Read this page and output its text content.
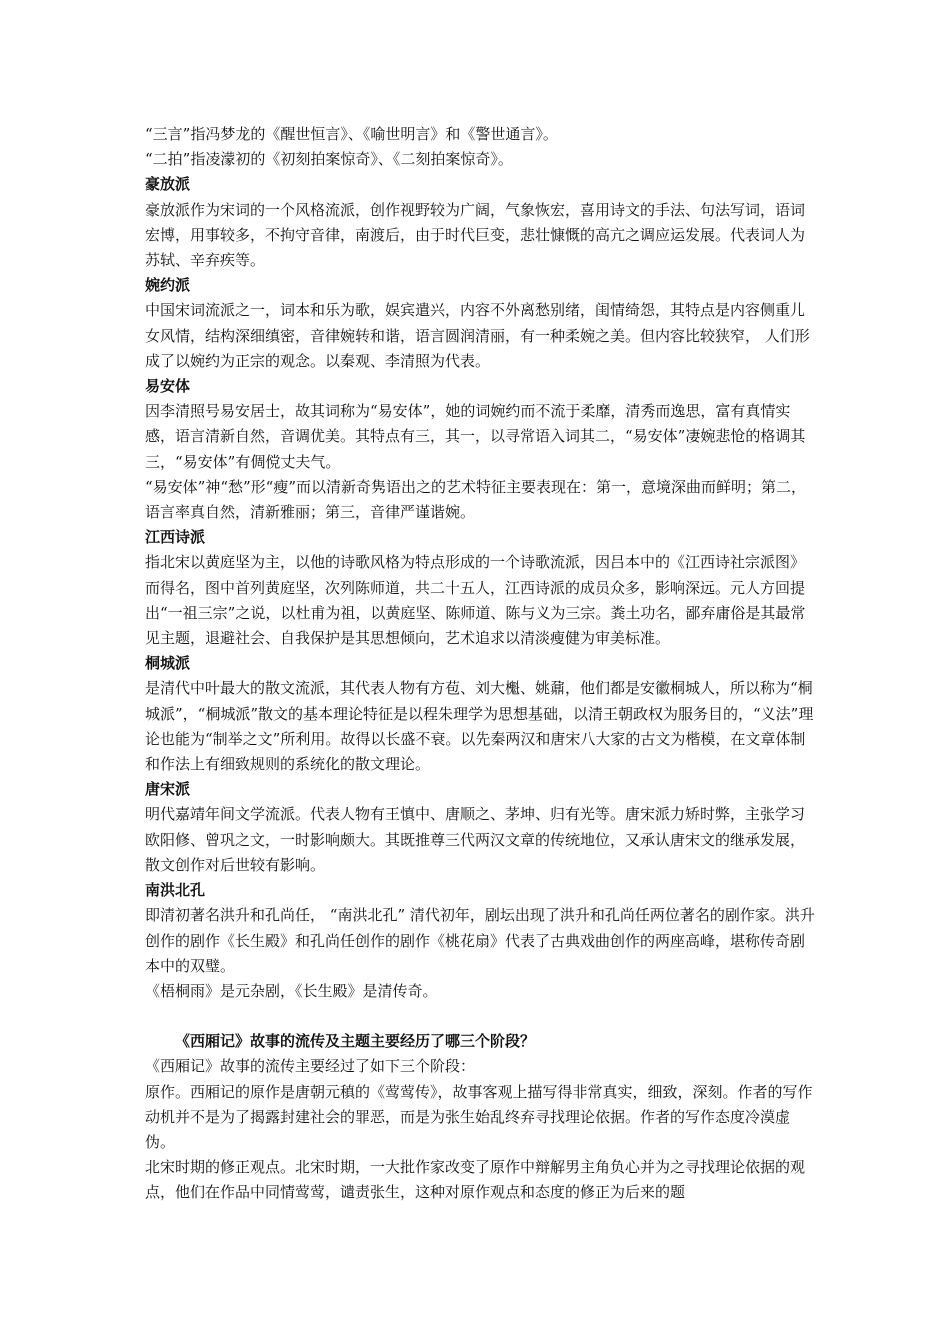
“三言”指冯梦龙的《醒世恒言》、《喻世明言》和《警世通言》。

“二拍”指凌濛初的《初刻拍案惊奇》、《二刻拍案惊奇》。

豪放派

豪放派作为宋词的一个风格流派，创作视野较为广阔，气象恢宏，喜用诗文的手法、句法写词，语词宏博，用事较多，不拘守音律，南渡后，由于时代巨变，悲壮慷慨的高亢之调应运发展。代表词人为苏轼、辛弃疾等。

婉约派

中国宋词流派之一，词本和乐为歌，娱宾遣兴，内容不外离愁别绪，闺情绮怨，其特点是内容侧重儿女风情，结构深细缜密，音律婉转和谐，语言圆润清丽，有一种柔婉之美。但内容比较狭窄， 人们形成了以婉约为正宗的观念。以秦观、李清照为代表。

易安体

因李清照号易安居士，故其词称为“易安体”，她的词婉约而不流于柔靡，清秀而逸思，富有真情实感，语言清新自然，音调优美。其特点有三，其一，以寻常语入词其二，“易安体”凄婉悲怆的格调其三，“易安体”有倜傥丈夫气。

“易安体”神“愁”形“瘦”而以清新奇隽语出之的艺术特征主要表现在：第一，意境深曲而鲜明；第二，语言率真自然，清新雅丽；第三，音律严谨谐婉。

江西诗派

指北宋以黄庭坚为主，以他的诗歌风格为特点形成的一个诗歌流派，因吕本中的《江西诗社宗派图》而得名，图中首列黄庭坚，次列陈师道，共二十五人，江西诗派的成员众多，影响深远。元人方回提出“一祖三宗”之说，以杜甫为祖，以黄庭坚、陈师道、陈与义为三宗。粪土功名，鄙弃庸俗是其最常见主题，退避社会、自我保护是其思想倾向，艺术追求以清淡瘦健为审美标准。

桐城派

是清代中叶最大的散文流派，其代表人物有方苞、刘大櫆、姚鼐，他们都是安徽桐城人，所以称为“桐城派”，“桐城派”散文的基本理论特征是以程朱理学为思想基础，以清王朝政权为服务目的，“义法”理论也能为“制举之文”所利用。故得以长盛不衰。以先秦两汉和唐宋八大家的古文为楷模，在文章体制和作法上有细致规则的系统化的散文理论。

唐宋派

明代嘉靖年间文学流派。代表人物有王慎中、唐顺之、茅坤、归有光等。唐宋派力矫时弊，主张学习欧阳修、曾巩之文，一时影响颇大。其既推尊三代两汉文章的传统地位，又承认唐宋文的继承发展，散文创作对后世较有影响。

南洪北孔

即清初著名洪升和孔尚任， “南洪北孔” 清代初年，剧坛出现了洪升和孔尚任两位著名的剧作家。洪升创作的剧作《长生殿》和孔尚任创作的剧作《桃花扇》代表了古典戏曲创作的两座高峰，堪称传奇剧本中的双璧。

《梧桐雨》是元杂剧，《长生殿》是清传奇。

《西厢记》故事的流传及主题主要经历了哪三个阶段？

《西厢记》故事的流传主要经过了如下三个阶段：

原作。西厢记的原作是唐朝元稹的《莺莺传》，故事客观上描写得非常真实，细致，深刻。作者的写作动机并不是为了揭露封建社会的罪恶，而是为张生始乱终弃寻找理论依据。作者的写作态度冷漠虚伪。

北宋时期的修正观点。北宋时期，一大批作家改变了原作中辩解男主角负心并为之寻找理论依据的观点，他们在作品中同情莺莺，谴责张生，这种对原作观点和态度的修正为后来的题
